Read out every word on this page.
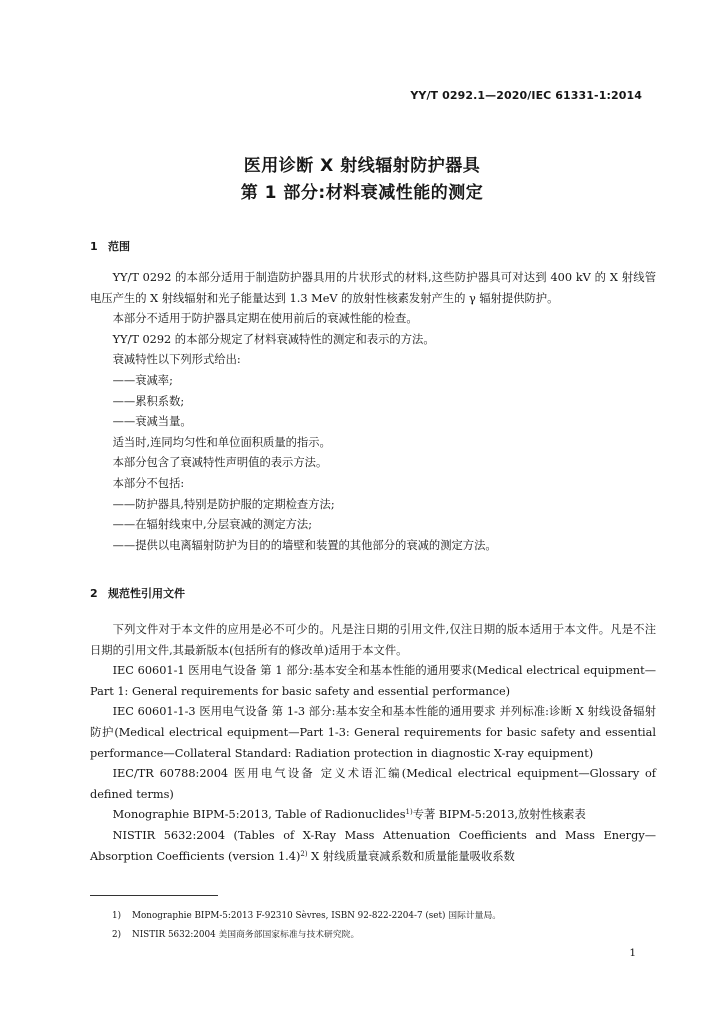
YY/T 0292.1—2020/IEC 61331-1:2014
医用诊断 X 射线辐射防护器具
第 1 部分:材料衰减性能的测定
1 范围

YY/T 0292 的本部分适用于制造防护器具用的片状形式的材料,这些防护器具可对达到 400 kV 的 X 射线管电压产生的 X 射线辐射和光子能量达到 1.3 MeV 的放射性核素发射产生的 γ 辐射提供防护。

本部分不适用于防护器具定期在使用前后的衰减性能的检查。

YY/T 0292 的本部分规定了材料衰减特性的测定和表示的方法。

衰减特性以下列形式给出:

——衰减率;

——累积系数;

——衰减当量。

适当时,连同均匀性和单位面积质量的指示。

本部分包含了衰减特性声明值的表示方法。

本部分不包括:

——防护器具,特别是防护服的定期检查方法;

——在辐射线束中,分层衰减的测定方法;

——提供以电离辐射防护为目的的墙壁和装置的其他部分的衰减的测定方法。

2 规范性引用文件

下列文件对于本文件的应用是必不可少的。凡是注日期的引用文件,仅注日期的版本适用于本文件。凡是不注日期的引用文件,其最新版本(包括所有的修改单)适用于本文件。

IEC 60601-1 医用电气设备 第 1 部分:基本安全和基本性能的通用要求(Medical electrical equipment—Part 1: General requirements for basic safety and essential performance)

IEC 60601-1-3 医用电气设备 第 1-3 部分:基本安全和基本性能的通用要求 并列标准:诊断 X 射线设备辐射防护(Medical electrical equipment—Part 1-3: General requirements for basic safety and essential performance—Collateral Standard: Radiation protection in diagnostic X-ray equipment)

IEC/TR 60788:2004 医用电气设备 定义术语汇编(Medical electrical equipment—Glossary of defined terms)

Monographie BIPM-5:2013, Table of Radionuclides$^{1)}$专著 BIPM-5:2013,放射性核素表

NISTIR 5632:2004 (Tables of X-Ray Mass Attenuation Coefficients and Mass Energy—Absorption Coefficients (version 1.4)$^{2)}$ X 射线质量衰减系数和质量能量吸收系数

1) Monographie BIPM-5:2013 F-92310 Sèvres, ISBN 92-822-2204-7 (set) 国际计量局。
2) NISTIR 5632:2004 美国商务部国家标准与技术研究院。
1
